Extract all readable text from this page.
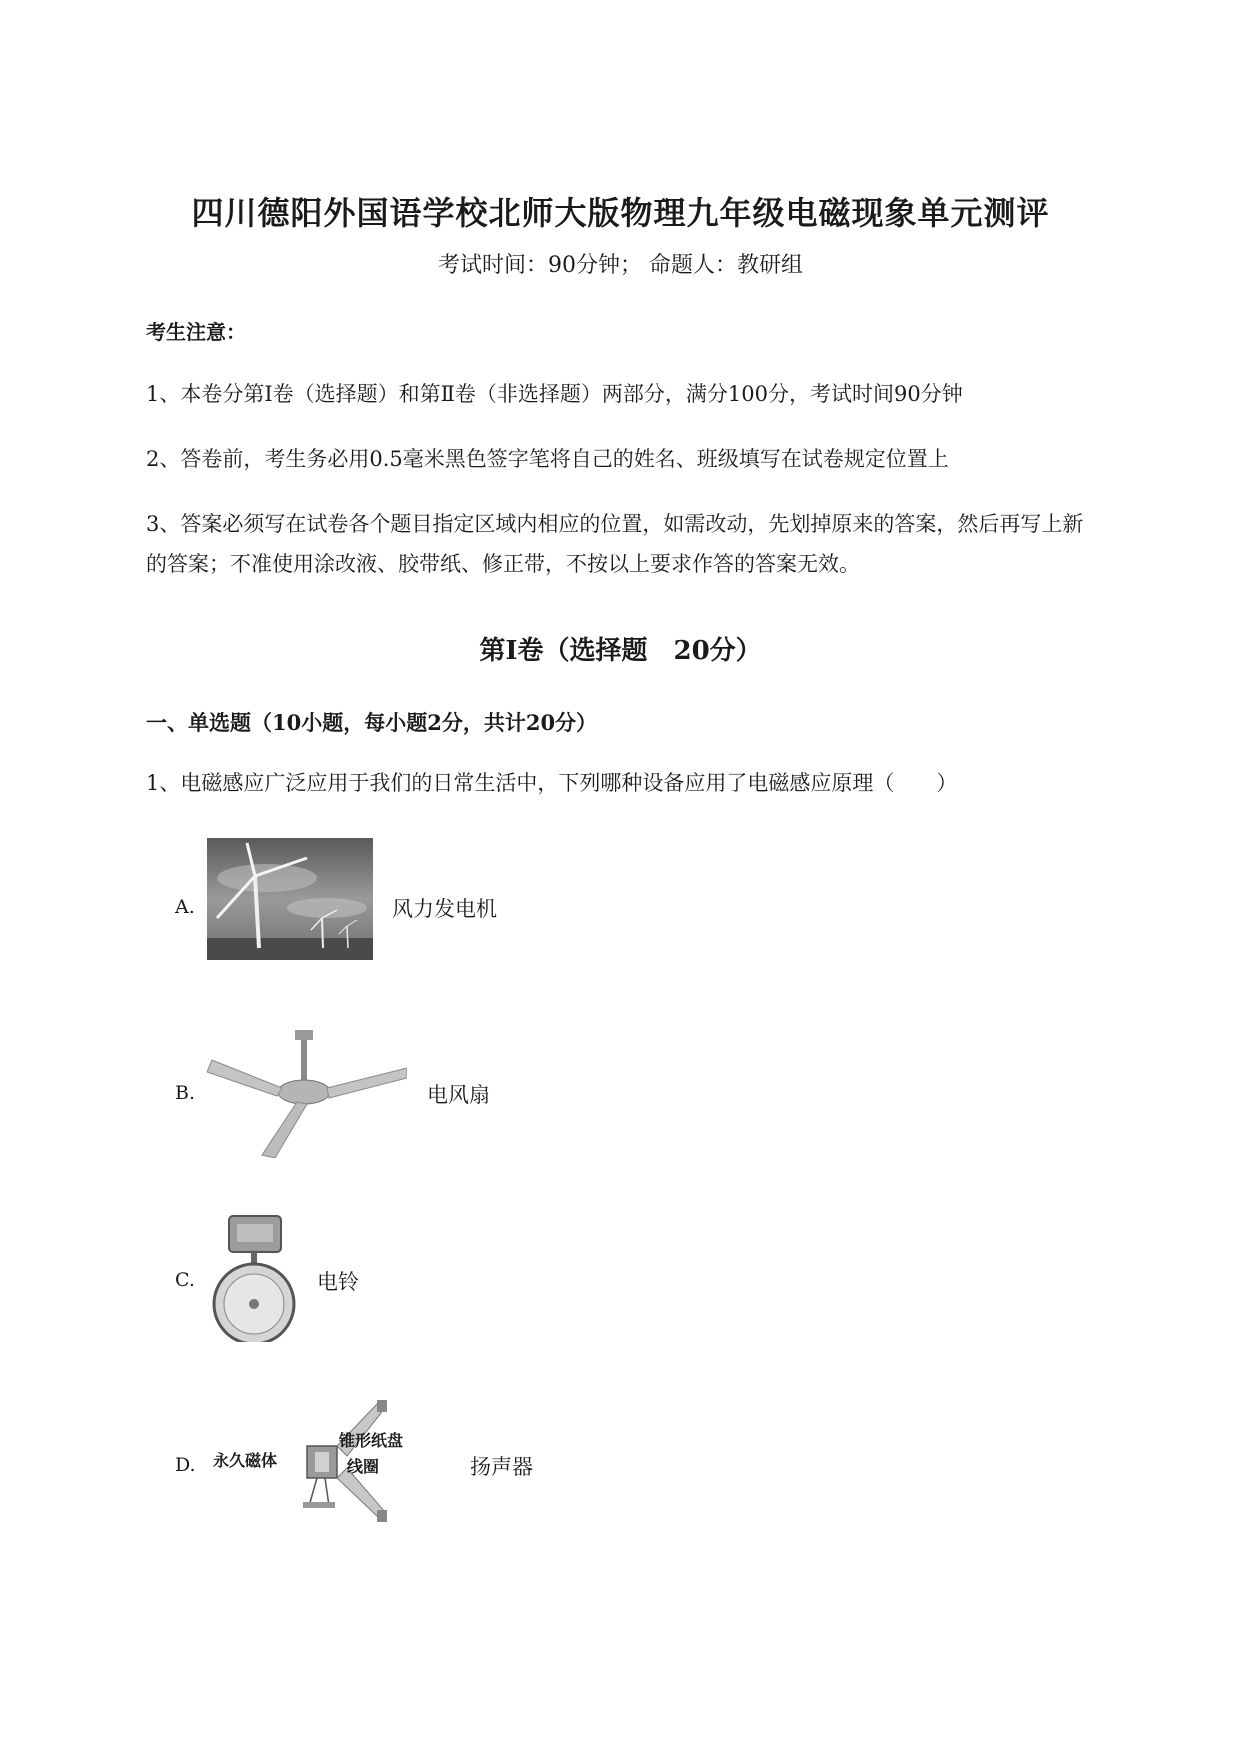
四川德阳外国语学校北师大版物理九年级电磁现象单元测评
考试时间：90分钟； 命题人：教研组
考生注意：
1、本卷分第Ⅰ卷（选择题）和第Ⅱ卷（非选择题）两部分，满分100分，考试时间90分钟
2、答卷前，考生务必用0.5毫米黑色签字笔将自己的姓名、班级填写在试卷规定位置上
3、答案必须写在试卷各个题目指定区域内相应的位置，如需改动，先划掉原来的答案，然后再写上新
的答案；不准使用涂改液、胶带纸、修正带，不按以上要求作答的答案无效。
第Ⅰ卷（选择题　20分）
一、单选题（10小题，每小题2分，共计20分）
1、电磁感应广泛应用于我们的日常生活中，下列哪种设备应用了电磁感应原理（　　）
A.	风力发电机
B.	电风扇
C.	电铃
D. 永久磁体
锥形纸盘
线圈	扬声器
